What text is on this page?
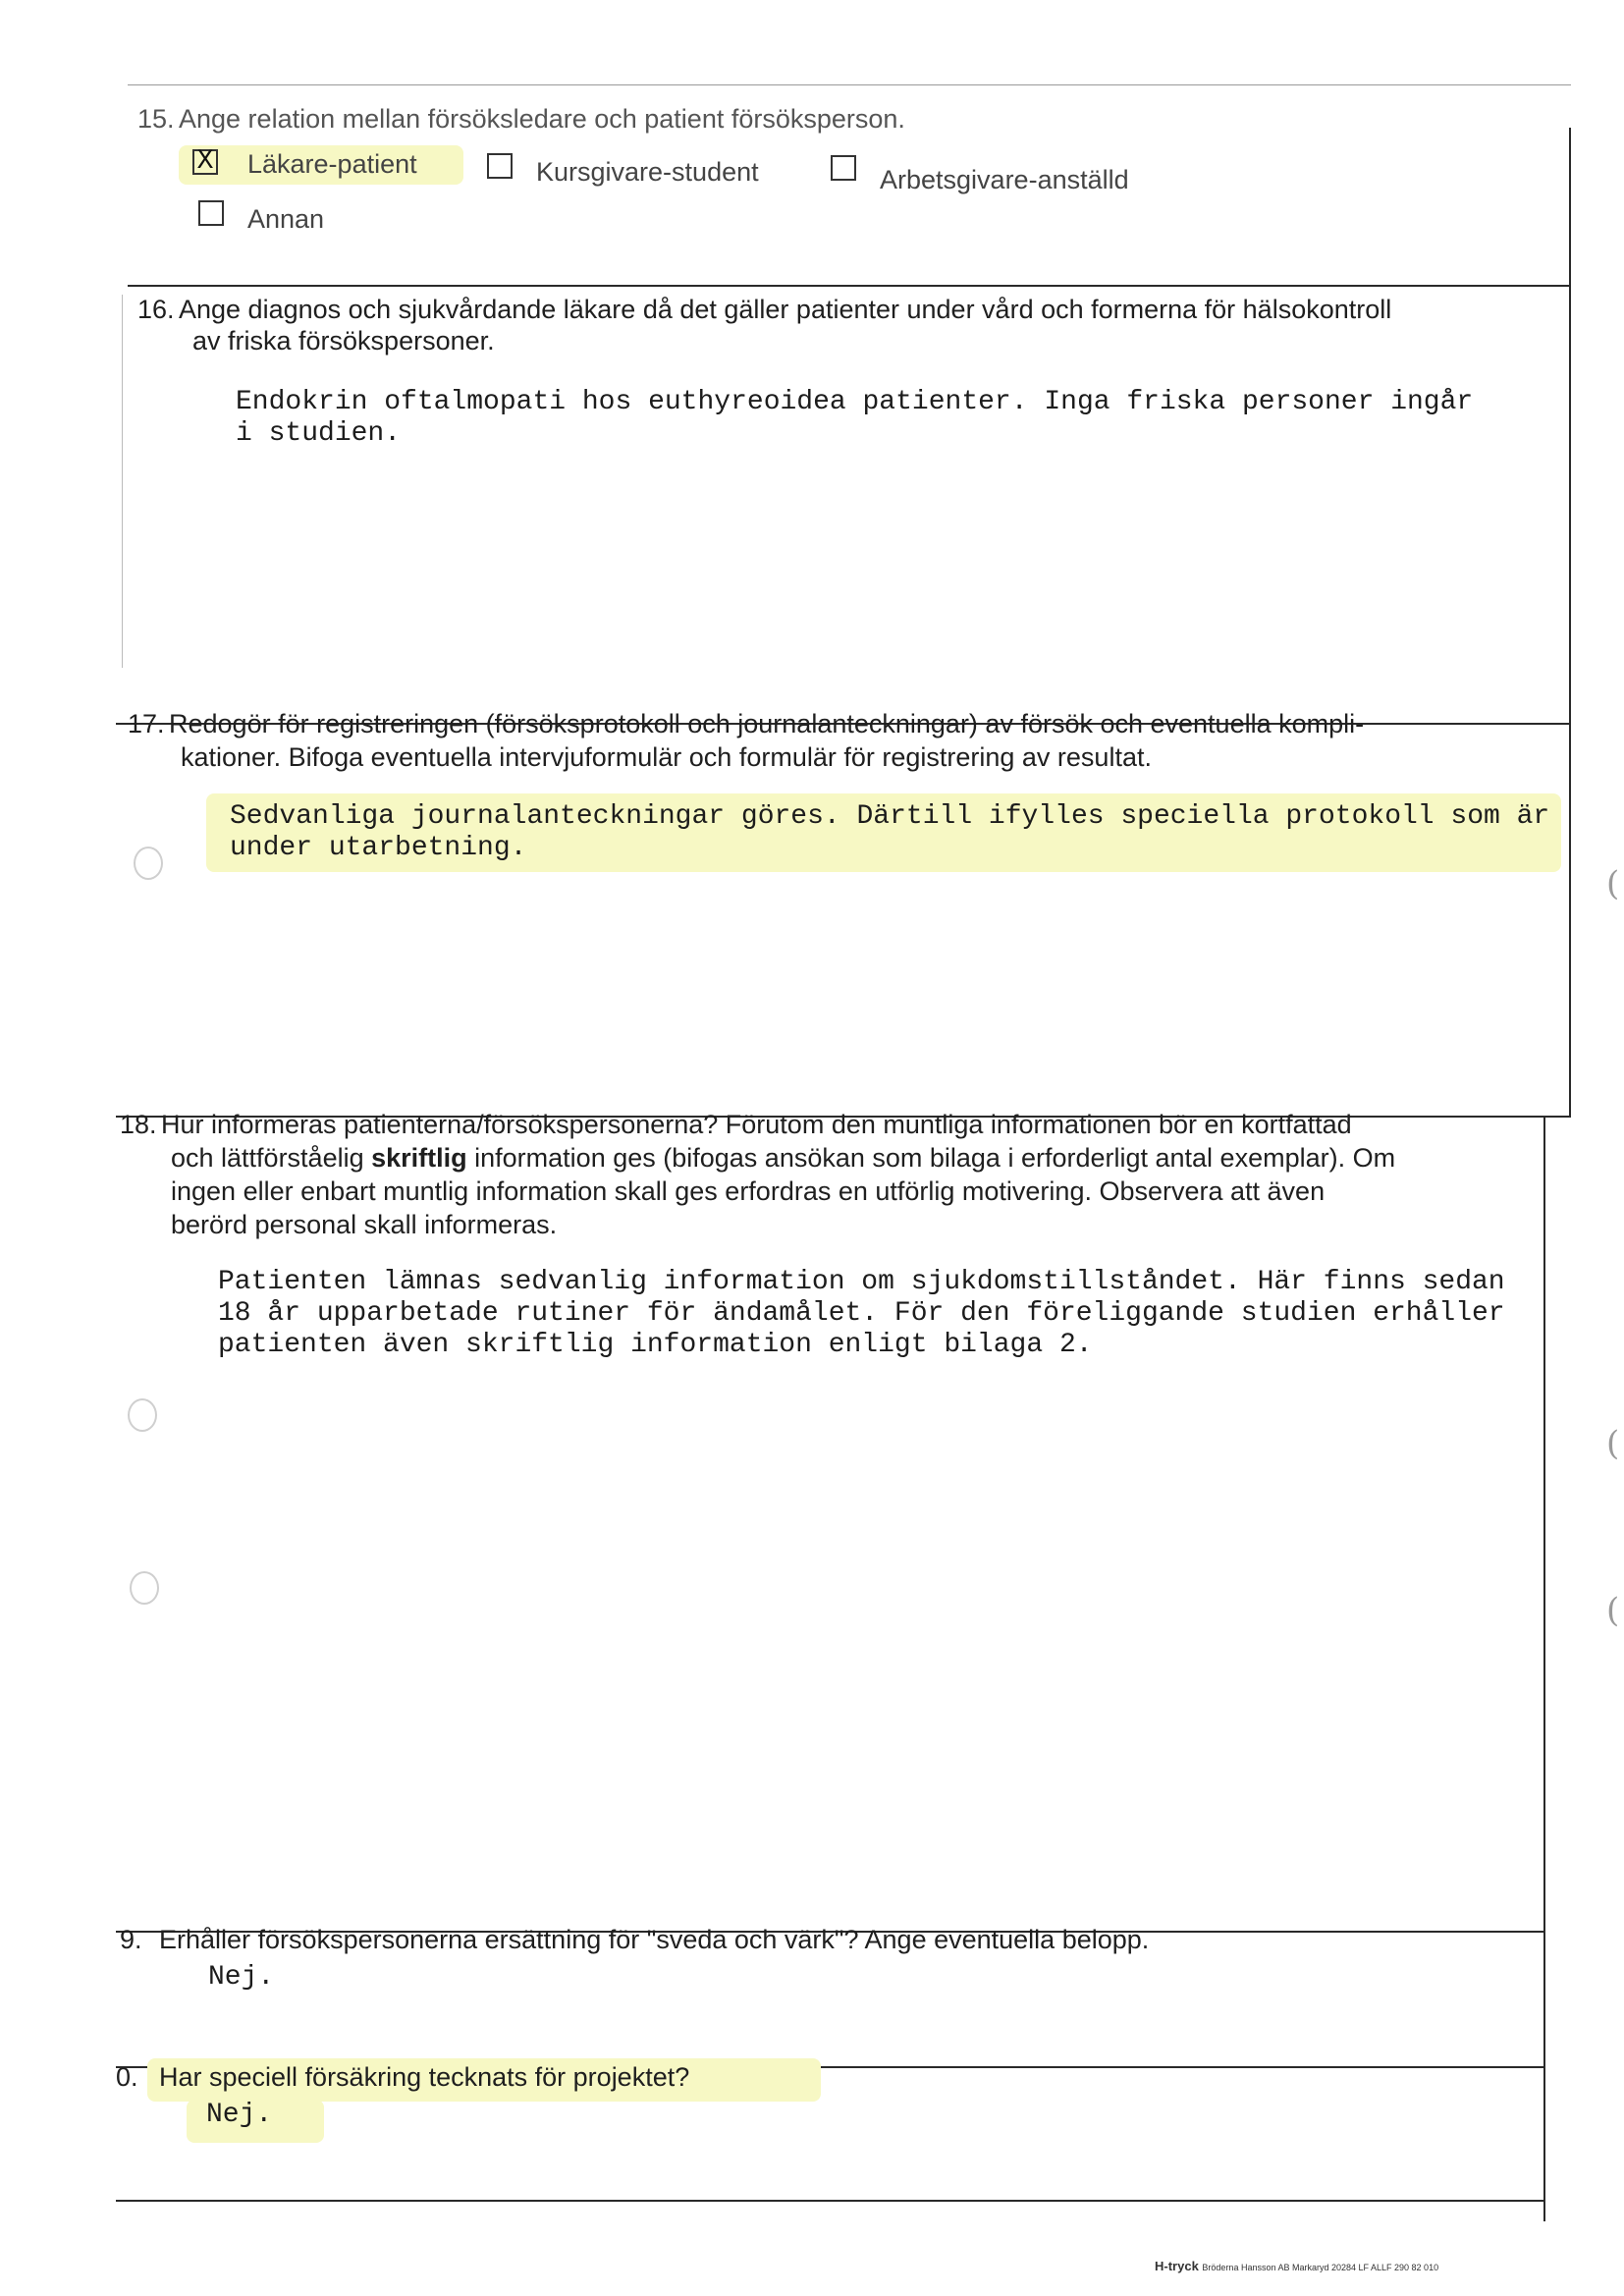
15. Ange relation mellan försöksledare och patient försöksperson.
X Läkare-patient	Kursgivare-student	Arbetsgivare-anställd
Annan
16. Ange diagnos och sjukvårdande läkare då det gäller patienter under vård och formerna för hälsokontroll
av friska försökspersoner.
Endokrin oftalmopati hos euthyreoidea patienter. Inga friska personer ingår
i studien.
17. Redogör för registreringen (försöksprotokoll och journalanteckningar) av försök och eventuella kompli-
kationer. Bifoga eventuella intervjuformulär och formulär för registrering av resultat.
Sedvanliga journalanteckningar göres. Därtill ifylles speciella protokoll som är
under utarbetning.
18. Hur informeras patienterna/försökspersonerna? Förutom den muntliga informationen bör en kortfattad
och lättförståelig skriftlig information ges (bifogas ansökan som bilaga i erforderligt antal exemplar). Om
ingen eller enbart muntlig information skall ges erfordras en utförlig motivering. Observera att även
berörd personal skall informeras.
Patienten lämnas sedvanlig information om sjukdomstillståndet. Här finns sedan
18 år upparbetade rutiner för ändamålet. För den föreliggande studien erhåller
patienten även skriftlig information enligt bilaga 2.
9. Erhåller försökspersonerna ersättning för "sveda och värk"? Ange eventuella belopp.
Nej.
0. Har speciell försäkring tecknats för projektet?
Nej.
(
(
(
H-tryck Bröderna Hansson AB Markaryd 20284 LF ALLF 290 82 010
